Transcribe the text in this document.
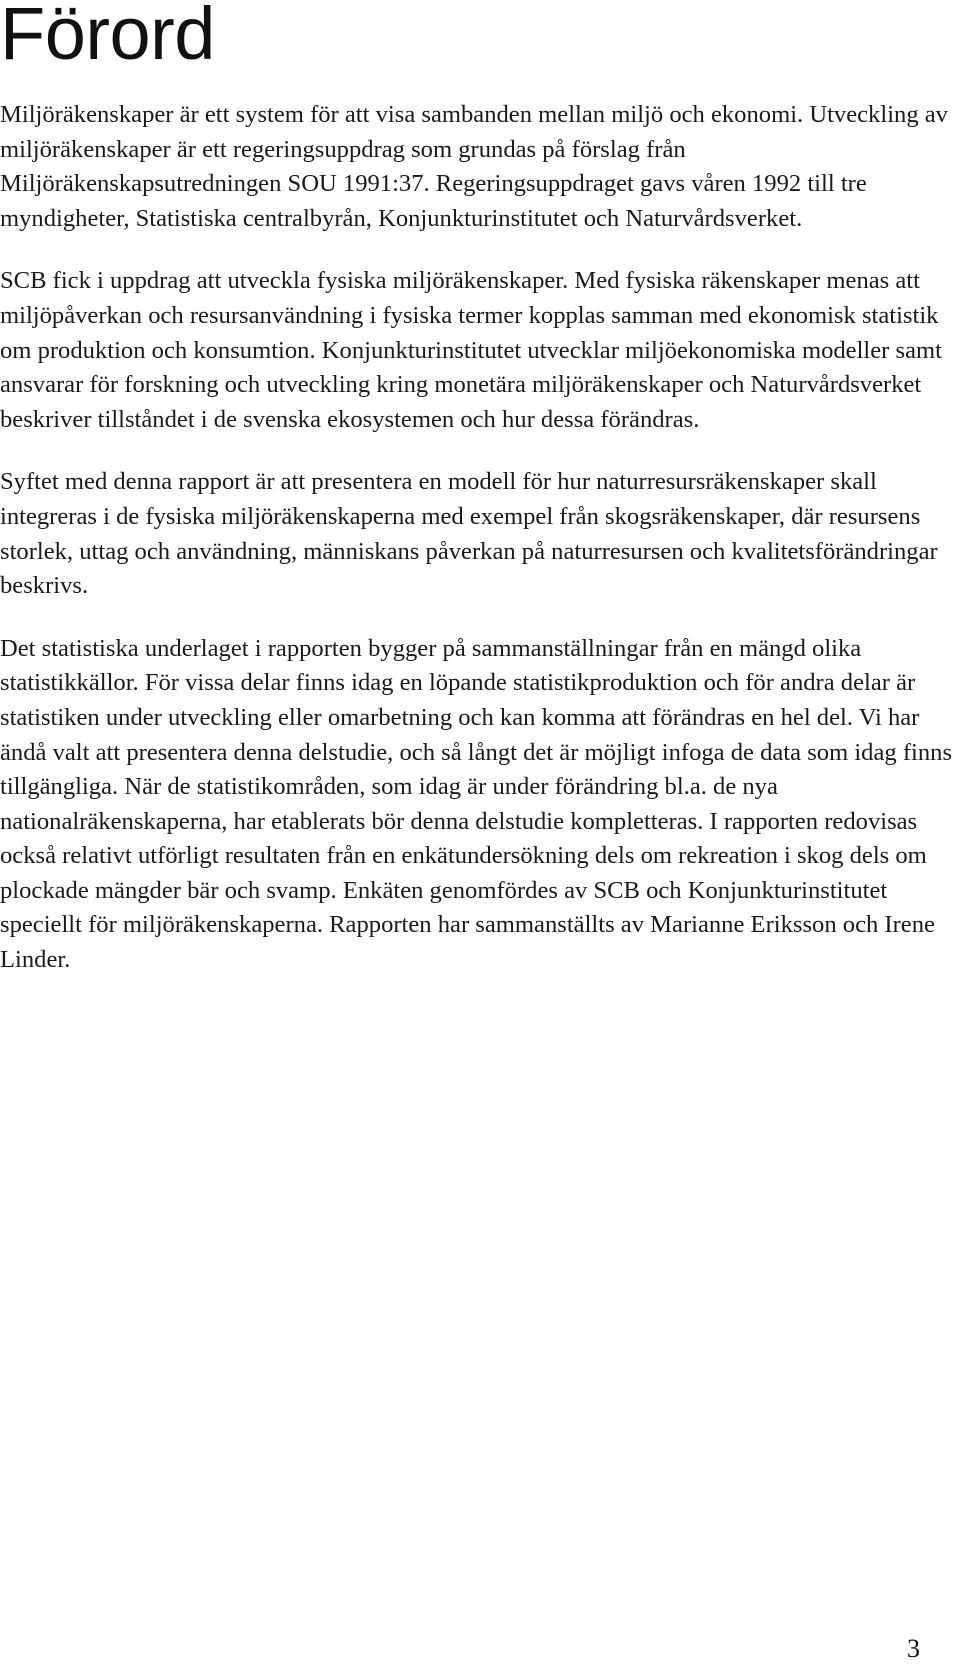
Förord

Miljöräkenskaper är ett system för att visa sambanden mellan miljö och ekonomi. Utveckling av miljöräkenskaper är ett regeringsuppdrag som grundas på förslag från Miljöräkenskapsutredningen SOU 1991:37. Regeringsuppdraget gavs våren 1992 till tre myndigheter, Statistiska centralbyrån, Konjunkturinstitutet och Naturvårdsverket.

SCB fick i uppdrag att utveckla fysiska miljöräkenskaper. Med fysiska räkenskaper menas att miljöpåverkan och resursanvändning i fysiska termer kopplas samman med ekonomisk statistik om produktion och konsumtion. Konjunkturinstitutet utvecklar miljöekonomiska modeller samt ansvarar för forskning och utveckling kring monetära miljöräkenskaper och Naturvårdsverket beskriver tillståndet i de svenska ekosystemen och hur dessa förändras.

Syftet med denna rapport är att presentera en modell för hur naturresursräkenskaper skall integreras i de fysiska miljöräkenskaperna med exempel från skogsräkenskaper, där resursens storlek, uttag och användning, människans påverkan på naturresursen och kvalitetsförändringar beskrivs.

Det statistiska underlaget i rapporten bygger på sammanställningar från en mängd olika statistikkällor. För vissa delar finns idag en löpande statistikproduktion och för andra delar är statistiken under utveckling eller omarbetning och kan komma att förändras en hel del. Vi har ändå valt att presentera denna delstudie, och så långt det är möjligt infoga de data som idag finns tillgängliga. När de statistikområden, som idag är under förändring bl.a. de nya nationalräkenskaperna, har etablerats bör denna delstudie kompletteras. I rapporten redovisas också relativt utförligt resultaten från en enkätundersökning dels om rekreation i skog dels om plockade mängder bär och svamp. Enkäten genomfördes av SCB och Konjunkturinstitutet speciellt för miljöräkenskaperna. Rapporten har sammanställts av Marianne Eriksson och Irene Linder.

3
